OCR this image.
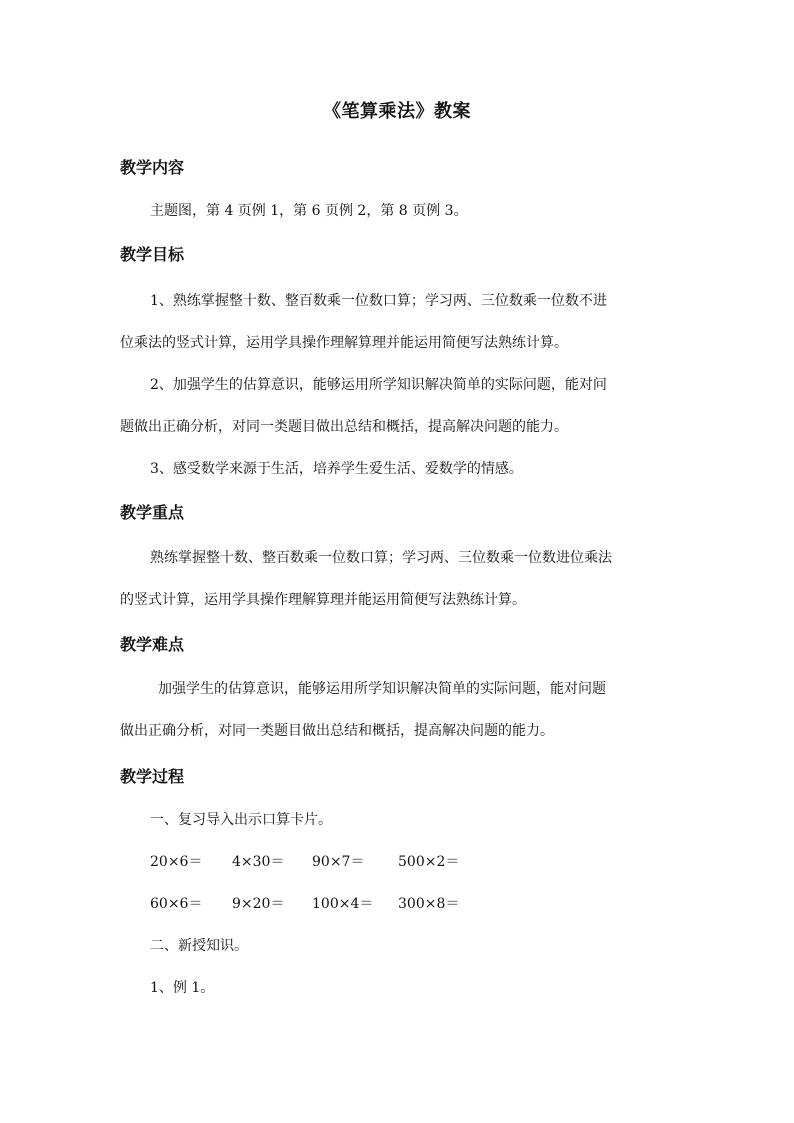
《笔算乘法》教案
教学内容
主题图，第 4 页例 1，第 6 页例 2，第 8 页例 3。
教学目标
1、熟练掌握整十数、整百数乘一位数口算；学习两、三位数乘一位数不进
位乘法的竖式计算，运用学具操作理解算理并能运用简便写法熟练计算。
2、加强学生的估算意识，能够运用所学知识解决简单的实际问题，能对问
题做出正确分析，对同一类题目做出总结和概括，提高解决问题的能力。
3、感受数学来源于生活，培养学生爱生活、爱数学的情感。
教学重点
熟练掌握整十数、整百数乘一位数口算；学习两、三位数乘一位数进位乘法
的竖式计算，运用学具操作理解算理并能运用简便写法熟练计算。
教学难点
加强学生的估算意识，能够运用所学知识解决简单的实际问题，能对问题
做出正确分析，对同一类题目做出总结和概括，提高解决问题的能力。
教学过程
一、复习导入出示口算卡片。
20×6＝ 4×30＝ 90×7＝ 500×2＝
60×6＝ 9×20＝ 100×4＝ 300×8＝
二、新授知识。
1、例 1。
